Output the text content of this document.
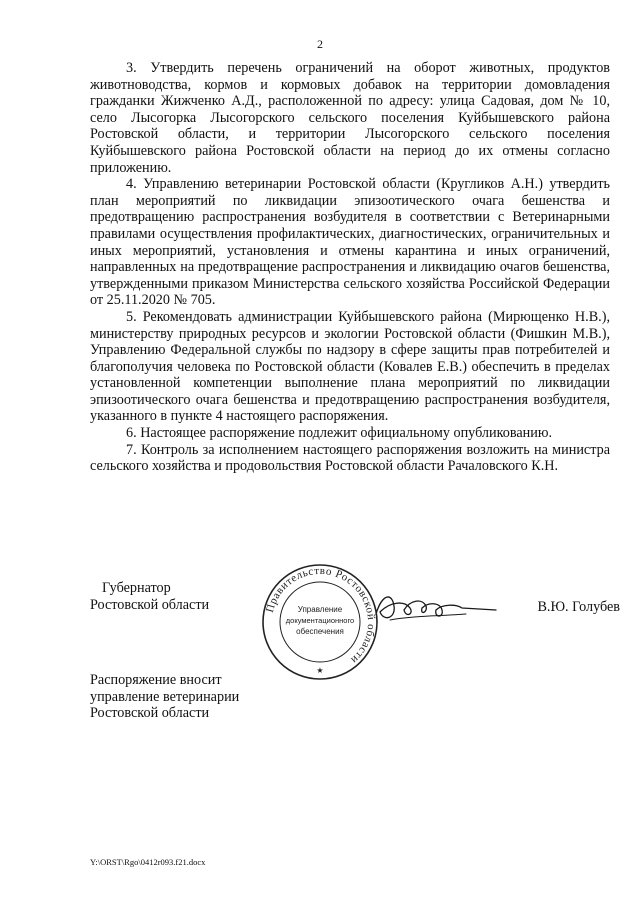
2

3. Утвердить перечень ограничений на оборот животных, продуктов животноводства, кормов и кормовых добавок на территории домовладения гражданки Жижченко А.Д., расположенной по адресу: улица Садовая, дом № 10, село Лысогорка Лысогорского сельского поселения Куйбышевского района Ростовской области, и территории Лысогорского сельского поселения Куйбышевского района Ростовской области на период до их отмены согласно приложению.

4. Управлению ветеринарии Ростовской области (Кругликов А.Н.) утвердить план мероприятий по ликвидации эпизоотического очага бешенства и предотвращению распространения возбудителя в соответствии с Ветеринарными правилами осуществления профилактических, диагностических, ограничительных и иных мероприятий, установления и отмены карантина и иных ограничений, направленных на предотвращение распространения и ликвидацию очагов бешенства, утвержденными приказом Министерства сельского хозяйства Российской Федерации от 25.11.2020 № 705.

5. Рекомендовать администрации Куйбышевского района (Мирющенко Н.В.), министерству природных ресурсов и экологии Ростовской области (Фишкин М.В.), Управлению Федеральной службы по надзору в сфере защиты прав потребителей и благополучия человека по Ростовской области (Ковалев Е.В.) обеспечить в пределах установленной компетенции выполнение плана мероприятий по ликвидации эпизоотического очага бешенства и предотвращению распространения возбудителя, указанного в пункте 4 настоящего распоряжения.

6. Настоящее распоряжение подлежит официальному опубликованию.

7. Контроль за исполнением настоящего распоряжения возложить на министра сельского хозяйства и продовольствия Ростовской области Рачаловского К.Н.

Губернатор
Ростовской области	Правительство Ростовской области
Управление
документационного
обеспечения
★
В.Ю. Голубев
Распоряжение вносит
управление ветеринарии
Ростовской области
Y:\ORST\Rgo\0412r093.f21.docx
